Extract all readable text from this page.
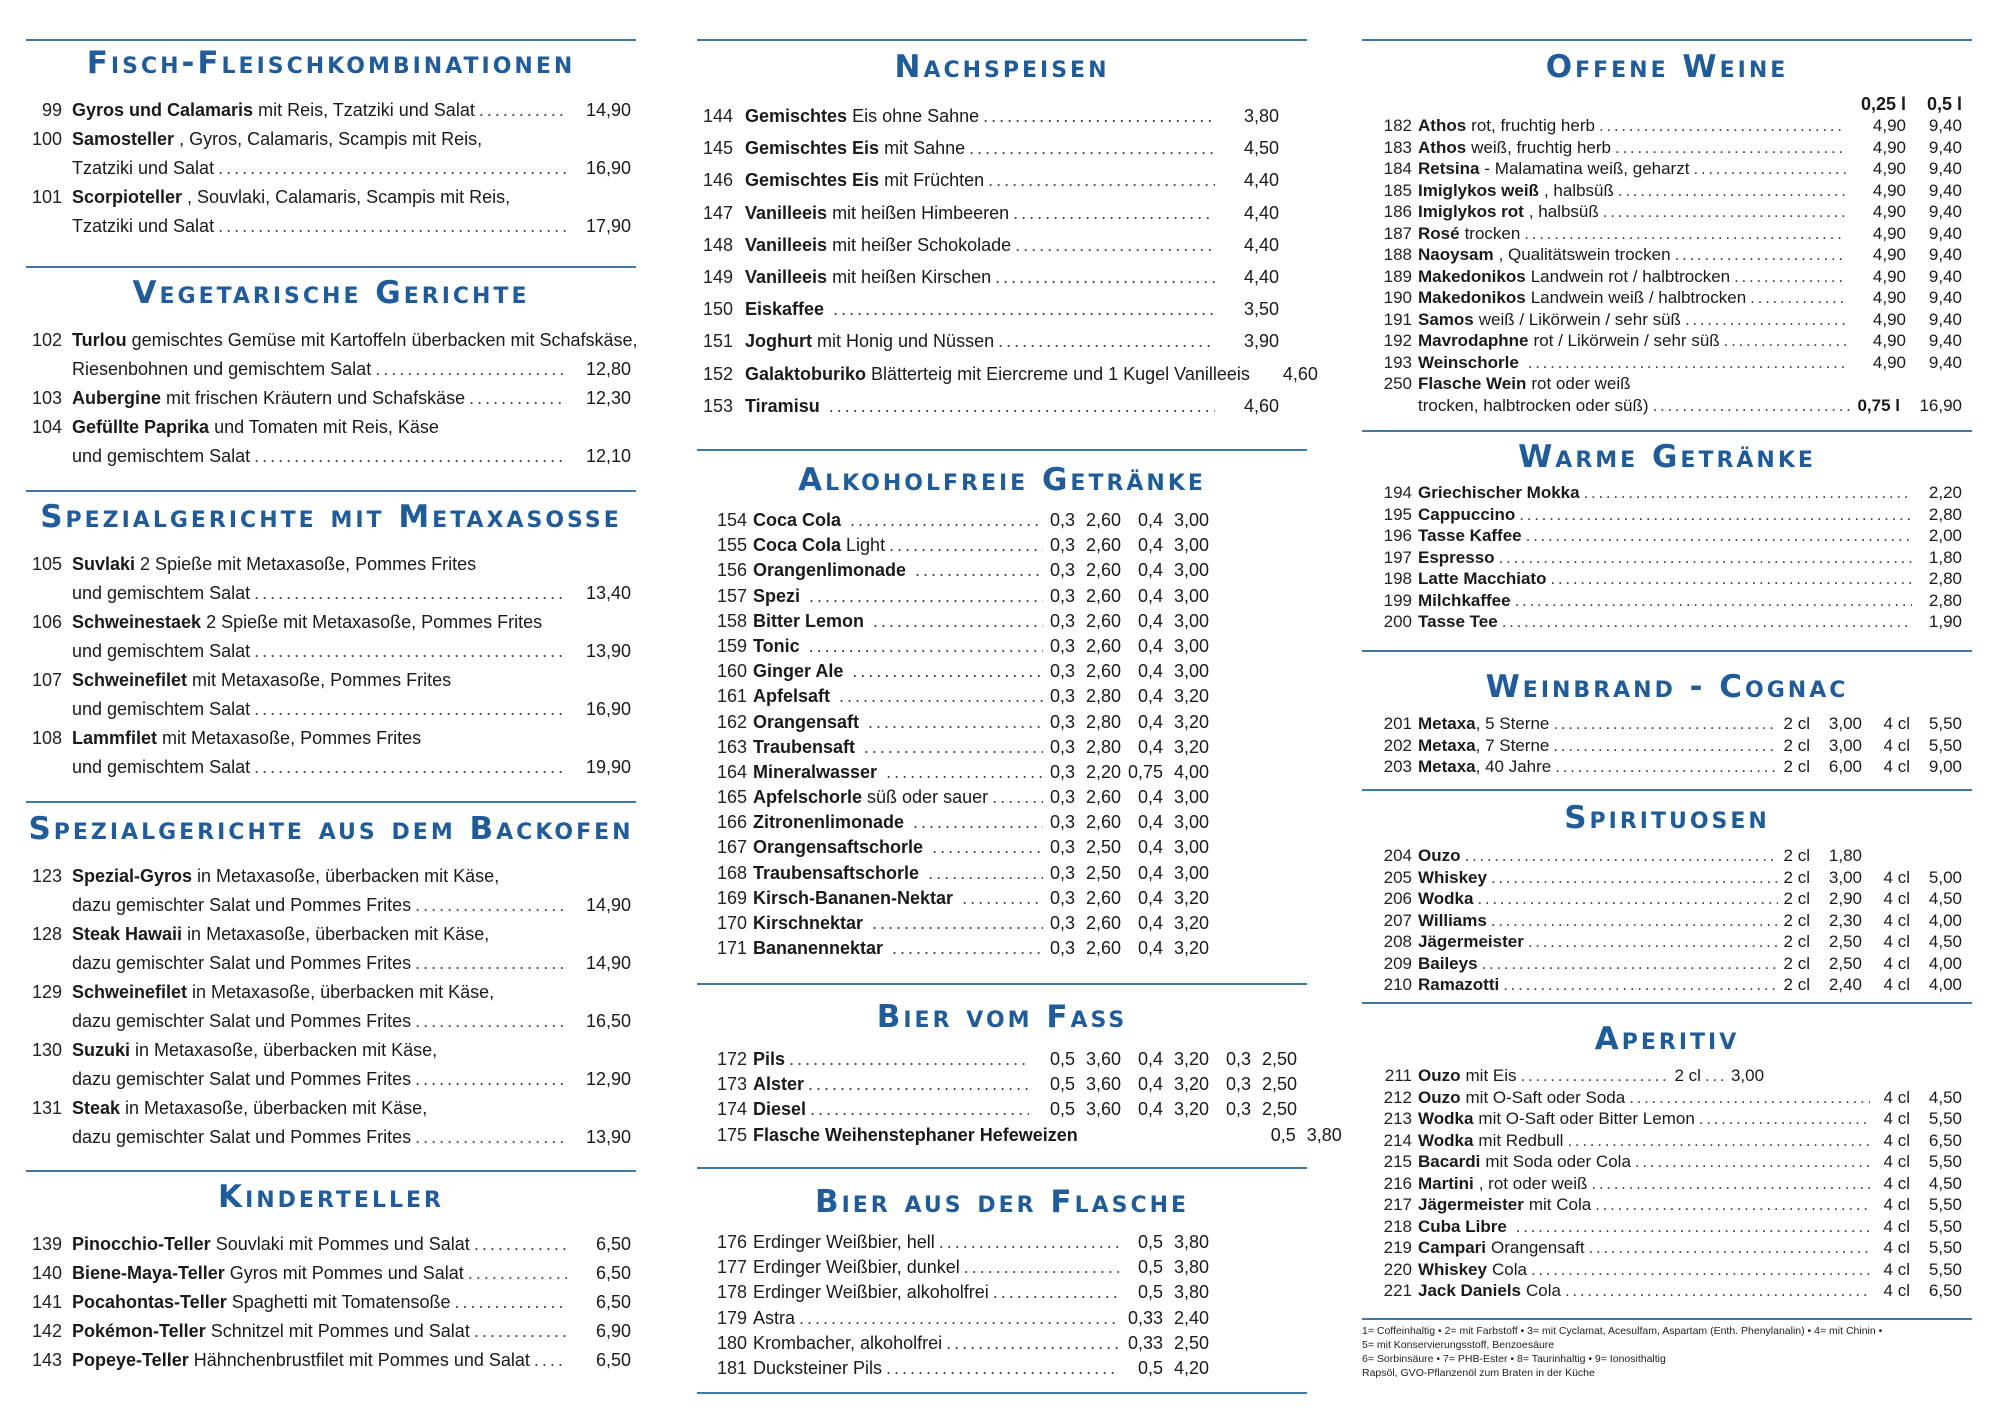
Fisch-Fleischkombinationen
99 Gyros und Calamaris mit Reis, Tzatziki und Salat . . .	14,90
100 Samosteller , Gyros, Calamaris, Scampis mit Reis,
Tzatziki und Salat . . .	16,90
101 Scorpioteller , Souvlaki, Calamaris, Scampis mit Reis,
Tzatziki und Salat . . .	17,90
Vegetarische Gerichte
102 Turlou gemischtes Gemüse mit Kartoffeln überbacken mit Schafskäse,
Riesenbohnen und gemischtem Salat . . .	12,80
103 Aubergine mit frischen Kräutern und Schafskäse . . .	12,30
104 Gefüllte Paprika und Tomaten mit Reis, Käse
und gemischtem Salat . . .	12,10
Spezialgerichte mit Metaxasosse
105 Suvlaki 2 Spieße mit Metaxasoße, Pommes Frites
und gemischtem Salat . . .	13,40
106 Schweinestaek 2 Spieße mit Metaxasoße, Pommes Frites
und gemischtem Salat . . .	13,90
107 Schweinefilet mit Metaxasoße, Pommes Frites
und gemischtem Salat . . .	16,90
108 Lammfilet mit Metaxasoße, Pommes Frites
und gemischtem Salat . . .	19,90
Spezialgerichte aus dem Backofen
123 Spezial-Gyros in Metaxasoße, überbacken mit Käse,
dazu gemischter Salat und Pommes Frites . . .	14,90
128 Steak Hawaii in Metaxasoße, überbacken mit Käse,
dazu gemischter Salat und Pommes Frites . . .	14,90
129 Schweinefilet in Metaxasoße, überbacken mit Käse,
dazu gemischter Salat und Pommes Frites . . .	16,50
130 Suzuki in Metaxasoße, überbacken mit Käse,
dazu gemischter Salat und Pommes Frites . . .	12,90
131 Steak in Metaxasoße, überbacken mit Käse,
dazu gemischter Salat und Pommes Frites . . .	13,90
Kinderteller
139 Pinocchio-Teller Souvlaki mit Pommes und Salat . . .	6,50
140 Biene-Maya-Teller Gyros mit Pommes und Salat . . .	6,50
141 Pocahontas-Teller Spaghetti mit Tomatensoße . . .	6,50
142 Pokémon-Teller Schnitzel mit Pommes und Salat . . .	6,90
143 Popeye-Teller Hähnchenbrustfilet mit Pommes und Salat . . .	6,50
Nachspeisen
144 Gemischtes Eis ohne Sahne . . .	3,80
145 Gemischtes Eis mit Sahne . . .	4,50
146 Gemischtes Eis mit Früchten . . .	4,40
147 Vanilleeis mit heißen Himbeeren . . .	4,40
148 Vanilleeis mit heißer Schokolade . . .	4,40
149 Vanilleeis mit heißen Kirschen . . .	4,40
150 Eiskaffee . . .	3,50
151 Joghurt mit Honig und Nüssen . . .	3,90
152 Galaktoburiko Blätterteig mit Eiercreme und 1 Kugel Vanilleeis	4,60
153 Tiramisu . . .	4,60
Alkoholfreie Getränke
154 Coca Cola . . .	0,3 2,60 0,4 3,00
155 Coca Cola Light . . .	0,3 2,60 0,4 3,00
156 Orangenlimonade . . .	0,3 2,60 0,4 3,00
157 Spezi . . .	0,3 2,60 0,4 3,00
158 Bitter Lemon . . .	0,3 2,60 0,4 3,00
159 Tonic . . .	0,3 2,60 0,4 3,00
160 Ginger Ale . . .	0,3 2,60 0,4 3,00
161 Apfelsaft . . .	0,3 2,80 0,4 3,20
162 Orangensaft . . .	0,3 2,80 0,4 3,20
163 Traubensaft . . .	0,3 2,80 0,4 3,20
164 Mineralwasser . . .	0,3 2,20 0,75 4,00
165 Apfelschorle süß oder sauer . . .	0,3 2,60 0,4 3,00
166 Zitronenlimonade . . .	0,3 2,60 0,4 3,00
167 Orangensaftschorle . . .	0,3 2,50 0,4 3,00
168 Traubensaftschorle . . .	0,3 2,50 0,4 3,00
169 Kirsch-Bananen-Nektar . . .	0,3 2,60 0,4 3,20
170 Kirschnektar . . .	0,3 2,60 0,4 3,20
171 Bananennektar . . .	0,3 2,60 0,4 3,20
Bier vom Fass
172 Pils . . .	0,5 3,60 0,4 3,20 0,3 2,50
173 Alster . . .	0,5 3,60 0,4 3,20 0,3 2,50
174 Diesel . . .	0,5 3,60 0,4 3,20 0,3 2,50
175 Flasche Weihenstephaner Hefeweizen	0,5 3,80
Bier aus der Flasche
176 Erdinger Weißbier, hell . . .	0,5 3,80
177 Erdinger Weißbier, dunkel . . .	0,5 3,80
178 Erdinger Weißbier, alkoholfrei . . .	0,5 3,80
179 Astra . . .	0,33 2,40
180 Krombacher, alkoholfrei . . .	0,33 2,50
181 Ducksteiner Pils . . .	0,5 4,20
Offene Weine
0,25 l	0,5 l
182 Athos rot, fruchtig herb . . .	4,90	9,40
183 Athos weiß, fruchtig herb . . .	4,90	9,40
184 Retsina - Malamatina weiß, geharzt . . .	4,90	9,40
185 Imiglykos weiß , halbsüß . . .	4,90	9,40
186 Imiglykos rot , halbsüß . . .	4,90	9,40
187 Rosé trocken . . .	4,90	9,40
188 Naoysam , Qualitätswein trocken . . .	4,90	9,40
189 Makedonikos Landwein rot / halbtrocken . . .	4,90	9,40
190 Makedonikos Landwein weiß / halbtrocken . . .	4,90	9,40
191 Samos weiß / Likörwein / sehr süß . . .	4,90	9,40
192 Mavrodaphne rot / Likörwein / sehr süß . . .	4,90	9,40
193 Weinschorle . . .	4,90	9,40
250 Flasche Wein rot oder weiß
trocken, halbtrocken oder süß) . . .	0,75 l	16,90
Warme Getränke
194 Griechischer Mokka . . .	2,20
195 Cappuccino . . .	2,80
196 Tasse Kaffee . . .	2,00
197 Espresso . . .	1,80
198 Latte Macchiato . . .	2,80
199 Milchkaffee . . .	2,80
200 Tasse Tee . . .	1,90
Weinbrand - Cognac
201 Metaxa , 5 Sterne . . .	2 cl	3,00	4 cl	5,50
202 Metaxa , 7 Sterne . . .	2 cl	3,00	4 cl	5,50
203 Metaxa , 40 Jahre . . .	2 cl	6,00	4 cl	9,00
Spirituosen
204 Ouzo . . .	2 cl	1,80
205 Whiskey . . .	2 cl	3,00	4 cl	5,00
206 Wodka . . .	2 cl	2,90	4 cl	4,50
207 Williams . . .	2 cl	2,30	4 cl	4,00
208 Jägermeister . . .	2 cl	2,50	4 cl	4,50
209 Baileys . . .	2 cl	2,50	4 cl	4,00
210 Ramazotti . . .	2 cl	2,40	4 cl	4,00
Aperitiv
211 Ouzo mit Eis . . .	2 cl . . . 3,00
212 Ouzo mit O-Saft oder Soda . . .	4 cl	4,50
213 Wodka mit O-Saft oder Bitter Lemon . . .	4 cl	5,50
214 Wodka mit Redbull . . .	4 cl	6,50
215 Bacardi mit Soda oder Cola . . .	4 cl	5,50
216 Martini , rot oder weiß . . .	4 cl	4,50
217 Jägermeister mit Cola . . .	4 cl	5,50
218 Cuba Libre . . .	4 cl	5,50
219 Campari Orangensaft . . .	4 cl	5,50
220 Whiskey Cola . . .	4 cl	5,50
221 Jack Daniels Cola . . .	4 cl	6,50
1= Coffeinhaltig • 2= mit Farbstoff • 3= mit Cyclamat, Acesulfam, Aspartam (Enth. Phenylanalin) • 4= mit Chinin •
5= mit Konservierungsstoff, Benzoesäure
6= Sorbinsäure • 7= PHB-Ester • 8= Taurinhaltig • 9= Ionosithaltig
Rapsöl, GVO-Pflanzenöl zum Braten in der Küche
